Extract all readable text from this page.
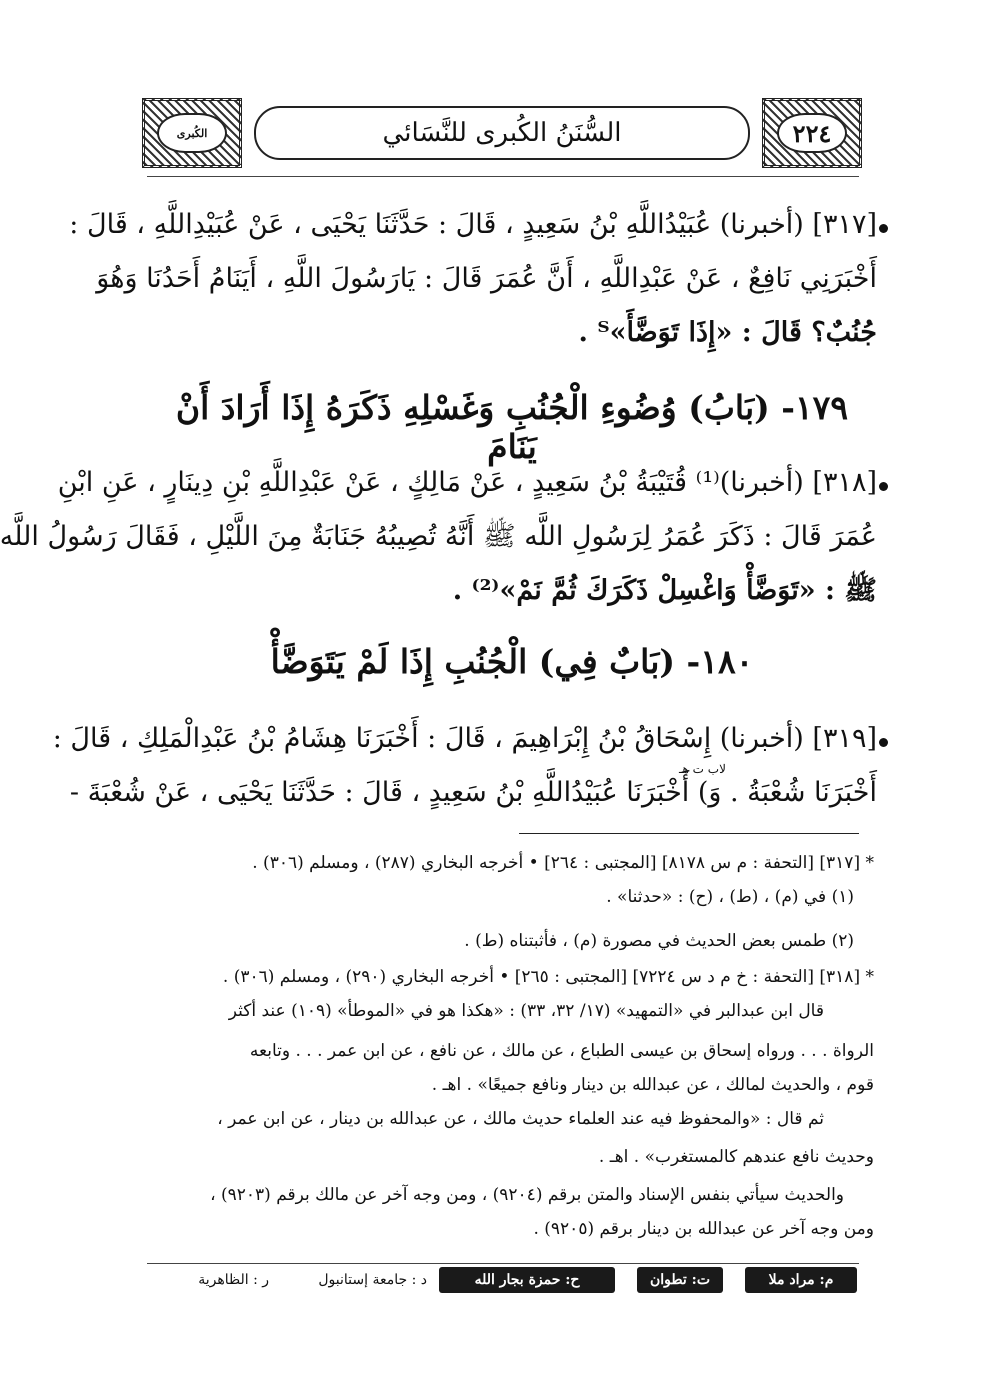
٢٢٤
السُّنَنُ الكُبرى للنَّسَائي
الكُبرى
[٣١٧] (أخبرنا) عُبَيْدُاللَّهِ بْنُ سَعِيدٍ ، قَالَ : حَدَّثَنَا يَحْيَى ، عَنْ عُبَيْدِاللَّهِ ، قَالَ :
أَخْبَرَنِي نَافِعٌ ، عَنْ عَبْدِاللَّهِ ، أَنَّ عُمَرَ قَالَ : يَارَسُولَ اللَّهِ ، أَيَنَامُ أَحَدُنَا وَهُوَ
جُنُبٌ؟ قَالَ : «إِذَا تَوَضَّأَ»ᵀ .
١٧٩- (بَابُ) وُضُوءِ الْجُنُبِ وَغَسْلِهِ ذَكَرَهُ إِذَا أَرَادَ أَنْ يَنَامَ
[٣١٨] (أخبرنا)⁽¹⁾ قُتَيْبَةُ بْنُ سَعِيدٍ ، عَنْ مَالِكٍ ، عَنْ عَبْدِاللَّهِ بْنِ دِينَارٍ ، عَنِ ابْنِ
عُمَرَ قَالَ : ذَكَرَ عُمَرُ لِرَسُولِ اللَّه ﷺ أَنَّهُ تُصِيبُهُ جَنَابَةٌ مِنَ اللَّيْلِ ، فَقَالَ رَسُولُ اللَّه
ﷺ : «تَوَضَّأْ وَاغْسِلْ ذَكَرَكَ ثُمَّ نَمْ»⁽²⁾ .
١٨٠- (بَابٌ فِي) الْجُنُبِ إِذَا لَمْ يَتَوَضَّأْ
لاب ت هـ
[٣١٩] (أخبرنا) إِسْحَاقُ بْنُ إِبْرَاهِيمَ ، قَالَ : أَخْبَرَنَا هِشَامُ بْنُ عَبْدِالْمَلِكِ ، قَالَ :
أَخْبَرَنَا شُعْبَةُ . وَ) أَخْبَرَنَا عُبَيْدُاللَّهِ بْنُ سَعِيدٍ ، قَالَ : حَدَّثَنَا يَحْيَى ، عَنْ شُعْبَةَ -
* [٣١٧] [التحفة : م س ٨١٧٨] [المجتبى : ٢٦٤] • أخرجه البخاري (٢٨٧) ، ومسلم (٣٠٦) .
(١) في (م) ، (ط) ، (ح) : «حدثنا» .
(٢) طمس بعض الحديث في مصورة (م) ، فأثبتناه (ط) .
* [٣١٨] [التحفة : خ م د س ٧٢٢٤] [المجتبى : ٢٦٥] • أخرجه البخاري (٢٩٠) ، ومسلم (٣٠٦) .
قال ابن عبدالبر في «التمهيد» (١٧/ ٣٢، ٣٣) : «هكذا هو في «الموطأ» (١٠٩) عند أكثر
الرواة . . . ورواه إسحاق بن عيسى الطباع ، عن مالك ، عن نافع ، عن ابن عمر . . . وتابعه
قوم ، والحديث لمالك ، عن عبدالله بن دينار ونافع جميعًا» . اهـ .
ثم قال : «والمحفوظ فيه عند العلماء حديث مالك ، عن عبدالله بن دينار ، عن ابن عمر ،
وحديث نافع عندهم كالمستغرب» . اهـ .
والحديث سيأتي بنفس الإسناد والمتن برقم (٩٢٠٤) ، ومن وجه آخر عن مالك برقم (٩٢٠٣) ،
ومن وجه آخر عن عبدالله بن دينار برقم (٩٢٠٥) .
م: مراد ملا
ت: تطوان
ح: حمزة بجار الله
د : جامعة إستانبول
ر : الظاهرية
